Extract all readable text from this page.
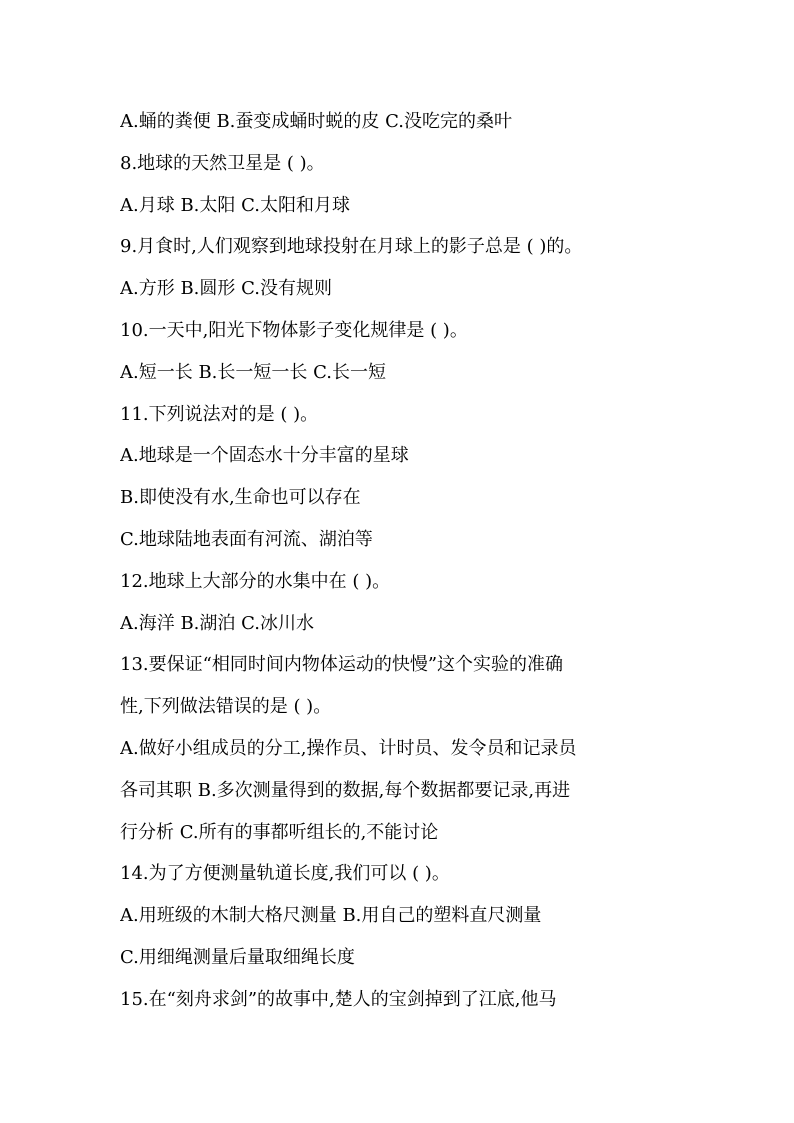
A.蛹的粪便 B.蚕变成蛹时蜕的皮 C.没吃完的桑叶
8.地球的天然卫星是 ( )。
A.月球 B.太阳 C.太阳和月球
9.月食时,人们观察到地球投射在月球上的影子总是 ( )的。
A.方形 B.圆形 C.没有规则
10.一天中,阳光下物体影子变化规律是 ( )。
A.短一长 B.长一短一长 C.长一短
11.下列说法对的是 ( )。
A.地球是一个固态水十分丰富的星球
B.即使没有水,生命也可以存在
C.地球陆地表面有河流、湖泊等
12.地球上大部分的水集中在 ( )。
A.海洋 B.湖泊 C.冰川水
13.要保证“相同时间内物体运动的快慢”这个实验的准确
性,下列做法错误的是 ( )。
A.做好小组成员的分工,操作员、计时员、发令员和记录员
各司其职 B.多次测量得到的数据,每个数据都要记录,再进
行分析 C.所有的事都听组长的,不能讨论
14.为了方便测量轨道长度,我们可以 ( )。
A.用班级的木制大格尺测量 B.用自己的塑料直尺测量
C.用细绳测量后量取细绳长度
15.在“刻舟求剑”的故事中,楚人的宝剑掉到了江底,他马
